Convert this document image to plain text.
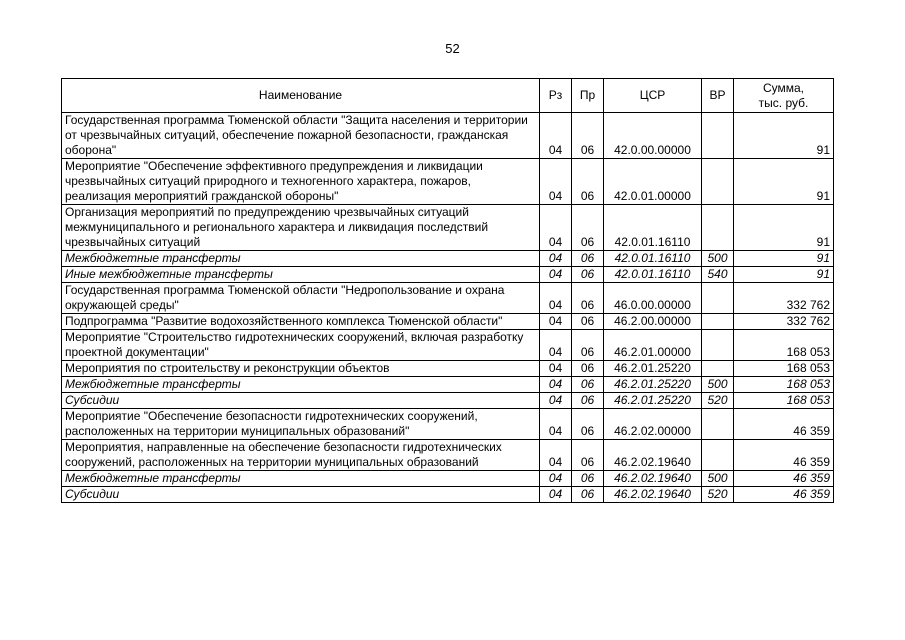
52
Наименование	Рз	Пр	ЦСР	ВР	Сумма,
тыс. руб.

Государственная программа Тюменской области "Защита населения и территории от чрезвычайных ситуаций, обеспечение пожарной безопасности, гражданская оборона"	04	06	42.0.00.00000		91
Мероприятие "Обеспечение эффективного предупреждения и ликвидации чрезвычайных ситуаций природного и техногенного характера, пожаров, реализация мероприятий гражданской обороны"	04	06	42.0.01.00000		91
Организация мероприятий по предупреждению чрезвычайных ситуаций межмуниципального и регионального характера и ликвидация последствий чрезвычайных ситуаций	04	06	42.0.01.16110		91
Межбюджетные трансферты	04	06	42.0.01.16110	500	91
Иные межбюджетные трансферты	04	06	42.0.01.16110	540	91
Государственная программа Тюменской области "Недропользование и охрана окружающей среды"	04	06	46.0.00.00000		332 762
Подпрограмма "Развитие водохозяйственного комплекса Тюменской области"	04	06	46.2.00.00000		332 762
Мероприятие "Строительство гидротехнических сооружений, включая разработку проектной документации"	04	06	46.2.01.00000		168 053
Мероприятия по строительству и реконструкции объектов	04	06	46.2.01.25220		168 053
Межбюджетные трансферты	04	06	46.2.01.25220	500	168 053
Субсидии	04	06	46.2.01.25220	520	168 053
Мероприятие "Обеспечение безопасности гидротехнических сооружений, расположенных на территории муниципальных образований"	04	06	46.2.02.00000		46 359
Мероприятия, направленные на обеспечение безопасности гидротехнических сооружений, расположенных на территории муниципальных образований	04	06	46.2.02.19640		46 359
Межбюджетные трансферты	04	06	46.2.02.19640	500	46 359
Субсидии	04	06	46.2.02.19640	520	46 359
